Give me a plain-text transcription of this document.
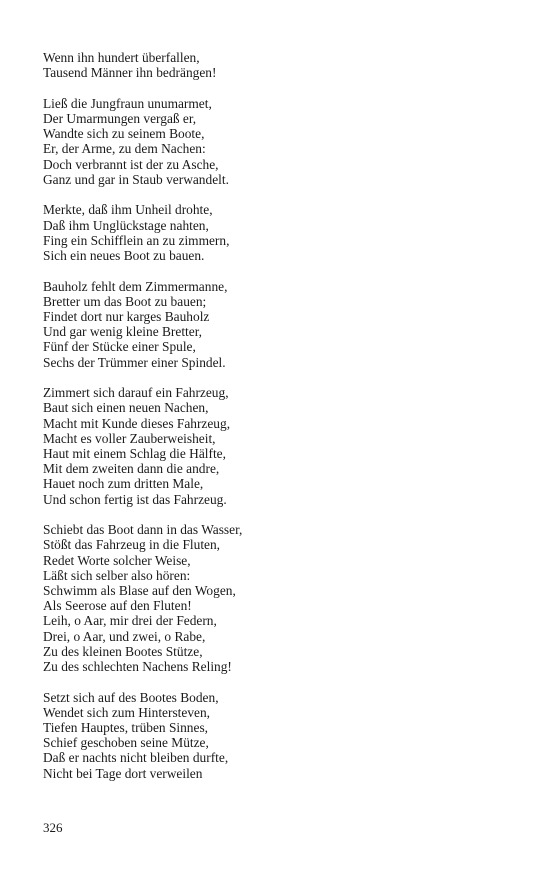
Wenn ihn hundert überfallen,
Tausend Männer ihn bedrängen!
Ließ die Jungfraun unumarmet,
Der Umarmungen vergaß er,
Wandte sich zu seinem Boote,
Er, der Arme, zu dem Nachen:
Doch verbrannt ist der zu Asche,
Ganz und gar in Staub verwandelt.
Merkte, daß ihm Unheil drohte,
Daß ihm Unglückstage nahten,
Fing ein Schifflein an zu zimmern,
Sich ein neues Boot zu bauen.
Bauholz fehlt dem Zimmermanne,
Bretter um das Boot zu bauen;
Findet dort nur karges Bauholz
Und gar wenig kleine Bretter,
Fünf der Stücke einer Spule,
Sechs der Trümmer einer Spindel.
Zimmert sich darauf ein Fahrzeug,
Baut sich einen neuen Nachen,
Macht mit Kunde dieses Fahrzeug,
Macht es voller Zauberweisheit,
Haut mit einem Schlag die Hälfte,
Mit dem zweiten dann die andre,
Hauet noch zum dritten Male,
Und schon fertig ist das Fahrzeug.
Schiebt das Boot dann in das Wasser,
Stößt das Fahrzeug in die Fluten,
Redet Worte solcher Weise,
Läßt sich selber also hören:
Schwimm als Blase auf den Wogen,
Als Seerose auf den Fluten!
Leih, o Aar, mir drei der Federn,
Drei, o Aar, und zwei, o Rabe,
Zu des kleinen Bootes Stütze,
Zu des schlechten Nachens Reling!
Setzt sich auf des Bootes Boden,
Wendet sich zum Hintersteven,
Tiefen Hauptes, trüben Sinnes,
Schief geschoben seine Mütze,
Daß er nachts nicht bleiben durfte,
Nicht bei Tage dort verweilen
326
